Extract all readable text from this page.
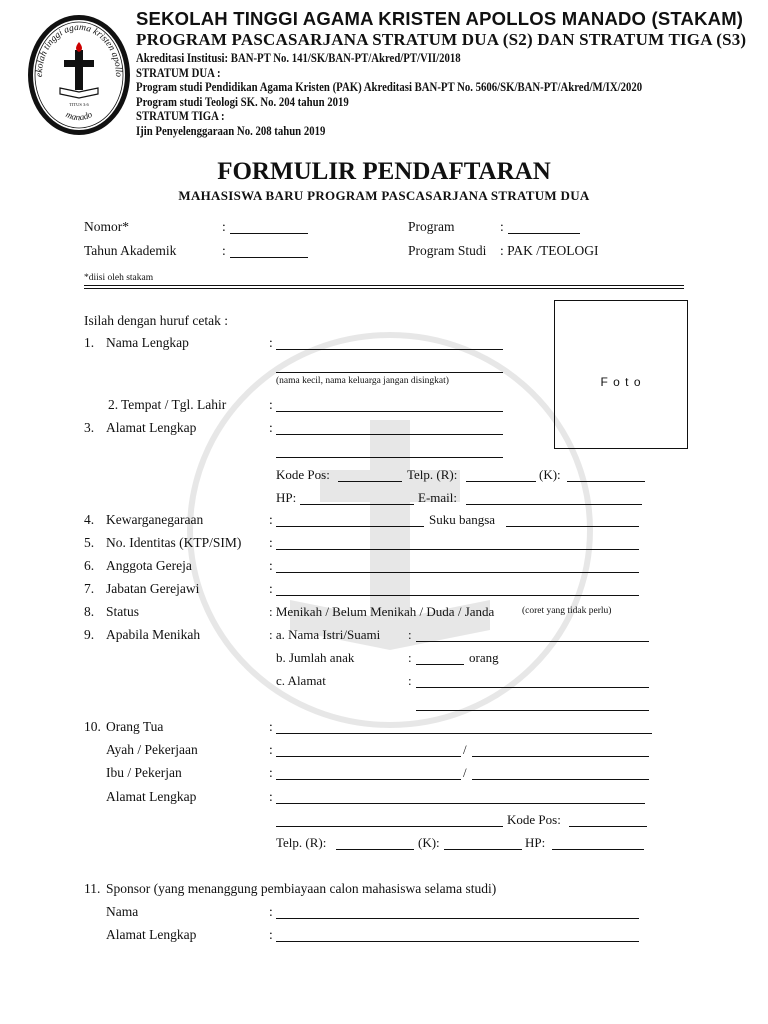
ekolah tinggi agama kristen apollo
manado
TITUS 3:6
SEKOLAH TINGGI AGAMA KRISTEN APOLLOS MANADO (STAKAM)
PROGRAM PASCASARJANA STRATUM DUA (S2) DAN STRATUM TIGA (S3)
Akreditasi Institusi: BAN-PT No. 141/SK/BAN-PT/Akred/PT/VII/2018
STRATUM DUA :
Program studi Pendidikan Agama Kristen (PAK) Akreditasi BAN-PT No. 5606/SK/BAN-PT/Akred/M/IX/2020
Program studi Teologi SK. No. 204 tahun 2019
STRATUM TIGA :
Ijin Penyelenggaraan No. 208 tahun 2019
FORMULIR PENDAFTARAN
MAHASISWA BARU PROGRAM PASCASARJANA STRATUM DUA
Nomor*	:
Tahun Akademik	:
Program	:
Program Studi : PAK /TEOLOGI
*diisi oleh stakam
Isilah dengan huruf cetak :
F o t o
1. Nama Lengkap	:
(nama kecil, nama keluarga jangan disingkat)
2. Tempat / Tgl. Lahir	:
3. Alamat Lengkap	:
Kode Pos:	Telp. (R):	(K):
HP:	E-mail:
4. Kewarganegaraan	:	Suku bangsa
5. No. Identitas (KTP/SIM) :
6. Anggota Gereja	:
7. Jabatan Gerejawi	:
8. Status	: Menikah / Belum Menikah / Duda / Janda	(coret yang tidak perlu)
9. Apabila Menikah	: a. Nama Istri/Suami :
b. Jumlah anak	:	orang
c. Alamat	:
10. Orang Tua	:
Ayah / Pekerjaan	:	/
Ibu / Pekerjan	:	/
Alamat Lengkap	:
Kode Pos:
Telp. (R):	(K):	HP:
11. Sponsor (yang menanggung pembiayaan calon mahasiswa selama studi)
Nama	:
Alamat Lengkap	:
